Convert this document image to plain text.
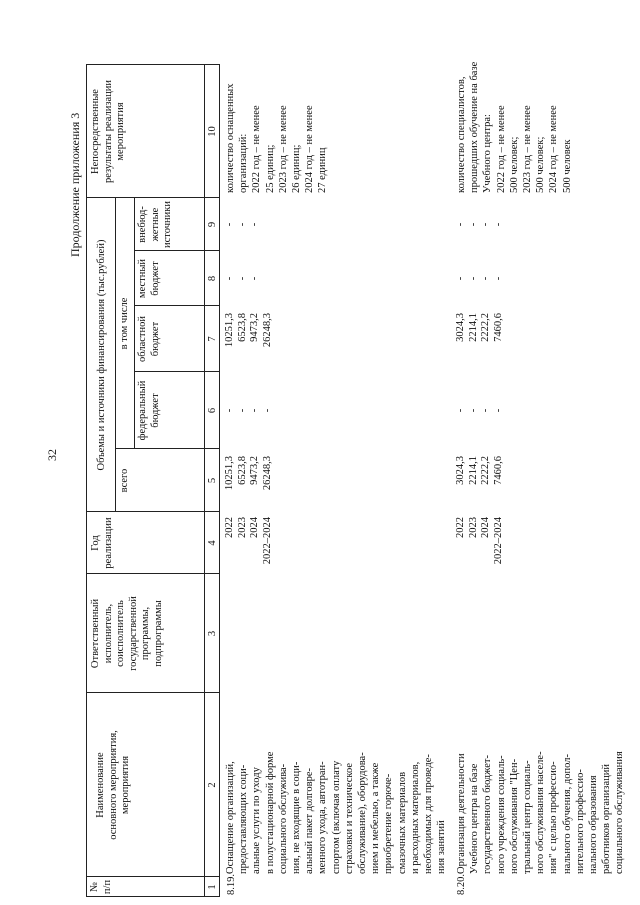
32
Продолжение приложения 3

№ п/п

Наименование основного мероприятия, мероприятия

Ответственный исполнитель, соисполнитель государственной программы, подпрограммы

Год реализации

Объемы и источники финансирования (тыс.рублей)
всего
в том числе

федеральный бюджет

областной бюджет

местный бюджет

внебюд- жетные источники

Непосредственные результаты реализации мероприятия

1
2
3
4
5
6
7
8
9
10
8.19.

Оснащение организаций, предоставляющих соци- альные услуги по уходу в полустационарной форме социального обслужива- ния, не входящие в соци- альный пакет долговре- менного ухода, автотран- спортом (включая оплату страховки и техническое обслуживание), оборудова- нием и мебелью, а также приобретение горюче- смазочных материалов и расходных материалов, необходимых для проведе- ния занятий

2022 2023 2024 2022–2024

10251,3 6523,8 9473,2 26248,3

- - - -

10251,3 6523,8 9473,2 26248,3

- - -

- - -

количество оснащенных организаций: 2022 год – не менее 25 единиц; 2023 год – не менее 26 единиц; 2024 год – не менее 27 единиц

8.20.

Организация деятельности Учебного центра на базе государственного бюджет- ного учреждения социаль- ного обслуживания "Цен- тральный центр социаль- ного обслуживания населе- ния" с целью профессио- нального обучения, допол- нительного профессио- нального образования работников организаций социального обслуживания

2022 2023 2024 2022–2024

3024,3 2214,1 2222,2 7460,6

- - - -

3024,3 2214,1 2222,2 7460,6

- - - -

- - - -

количество специалистов, прошедших обучение на базе Учебного центра: 2022 год – не менее 500 человек; 2023 год – не менее 500 человек; 2024 год – не менее 500 человек
